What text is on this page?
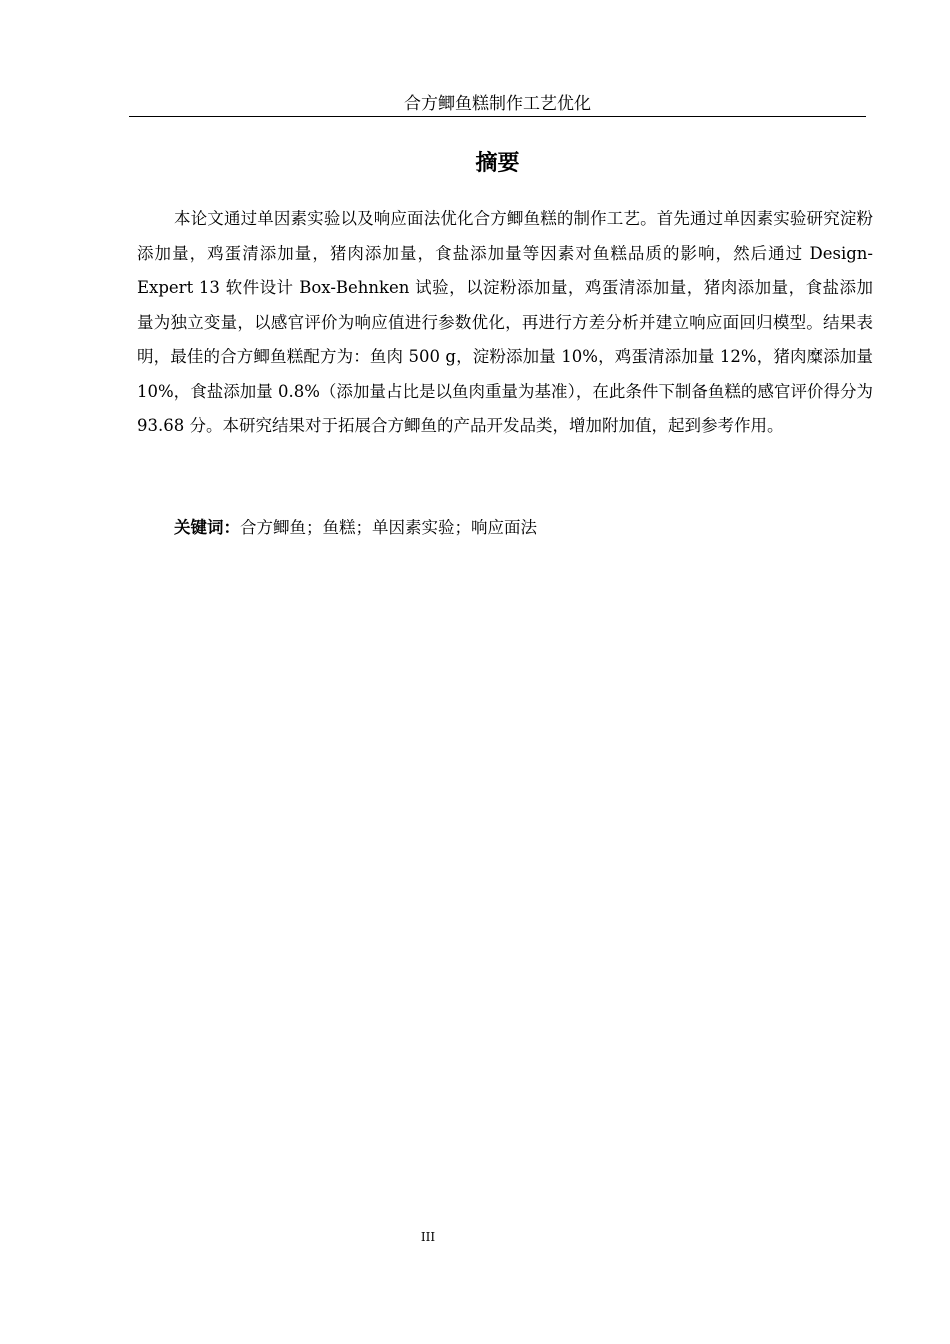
合方鲫鱼糕制作工艺优化
摘要

本论文通过单因素实验以及响应面法优化合方鲫鱼糕的制作工艺。首先通过单因素实验研究淀粉添加量，鸡蛋清添加量，猪肉添加量，食盐添加量等因素对鱼糕品质的影响，然后通过 Design-Expert 13 软件设计 Box-Behnken 试验，以淀粉添加量，鸡蛋清添加量，猪肉添加量，食盐添加量为独立变量，以感官评价为响应值进行参数优化，再进行方差分析并建立响应面回归模型。结果表明，最佳的合方鲫鱼糕配方为：鱼肉 500 g，淀粉添加量 10%，鸡蛋清添加量 12%，猪肉糜添加量 10%，食盐添加量 0.8%（添加量占比是以鱼肉重量为基准），在此条件下制备鱼糕的感官评价得分为 93.68 分。本研究结果对于拓展合方鲫鱼的产品开发品类，增加附加值，起到参考作用。

关键词：合方鲫鱼；鱼糕；单因素实验；响应面法
III
